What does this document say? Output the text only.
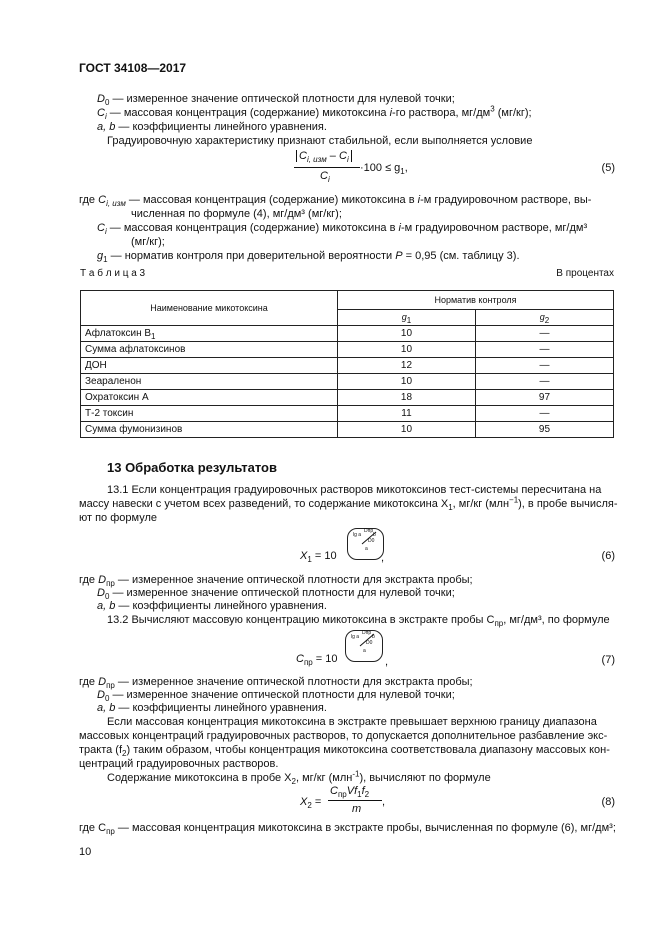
ГОСТ 34108—2017
$D_0$ — измеренное значение оптической плотности для нулевой точки;
$C_i$ — массовая концентрация (содержание) микотоксина i-го раствора, $мг/дм^3$ (мг/кг);
a, b — коэффициенты линейного уравнения.
Градуировочную характеристику признают стабильной, если выполняется условие
$C_{i, изм} - C_i$
$C_i$
$\cdot 100 \le g_1$,	(5)
где $C_{i, изм}$ — массовая концентрация (содержание) микотоксина в i-м градуировочном растворе, вы-
численная по формуле (4), мг/дм³ (мг/кг);
$C_i$ — массовая концентрация (содержание) микотоксина в i-м градуировочном растворе, мг/дм³
(мг/кг);
$g_1$ — норматив контроля при доверительной вероятности P = 0,95 (см. таблицу 3).
Т а б л и ц а 3	В процентах
Наименование микотоксина	Норматив контроля	
	$g_1$	$g_2$
Афлатоксин $B_1$	10	—
Сумма афлатоксинов	10	—
ДОН	12	—
Зеараленон	10	—
Охратоксин А	18	97
Т-2 токсин	11	—
Сумма фумонизинов	10	95
13 Обработка результатов
13.1 Если концентрация градуировочных растворов микотоксинов тест-системы пересчитана на
массу навески с учетом всех разведений, то содержание микотоксина $X_1$, мг/кг (млн$^{-1}$), в пробе вычисля-
ют по формуле
$X_1 = 10$
lg a
Dпр
D0
b
a
,	(6)
где $D_{пр}$ — измеренное значение оптической плотности для экстракта пробы;
$D_0$ — измеренное значение оптической плотности для нулевой точки;
a, b — коэффициенты линейного уравнения.
13.2 Вычисляют массовую концентрацию микотоксина в экстракте пробы $C_{пр}$, мг/дм³, по формуле
$C_{пр} = 10$
lg a
Dпр
D0
b
a
,	(7)
где $D_{пр}$ — измеренное значение оптической плотности для экстракта пробы;
$D_0$ — измеренное значение оптической плотности для нулевой точки;
a, b — коэффициенты линейного уравнения.
Если массовая концентрация микотоксина в экстракте превышает верхнюю границу диапазона
массовых концентраций градуировочных растворов, то допускается дополнительное разбавление экс-
тракта $(f_2)$ таким образом, чтобы концентрация микотоксина соответствовала диапазону массовых кон-
центраций градуировочных растворов.
Содержание микотоксина в пробе $X_2$, мг/кг (млн$^{-1}$), вычисляют по формуле
$X_2$ =
$C_{пр}Vf_1f_2$
m
,	(8)
где $C_{пр}$ — массовая концентрация микотоксина в экстракте пробы, вычисленная по формуле (6), мг/дм³;
10
